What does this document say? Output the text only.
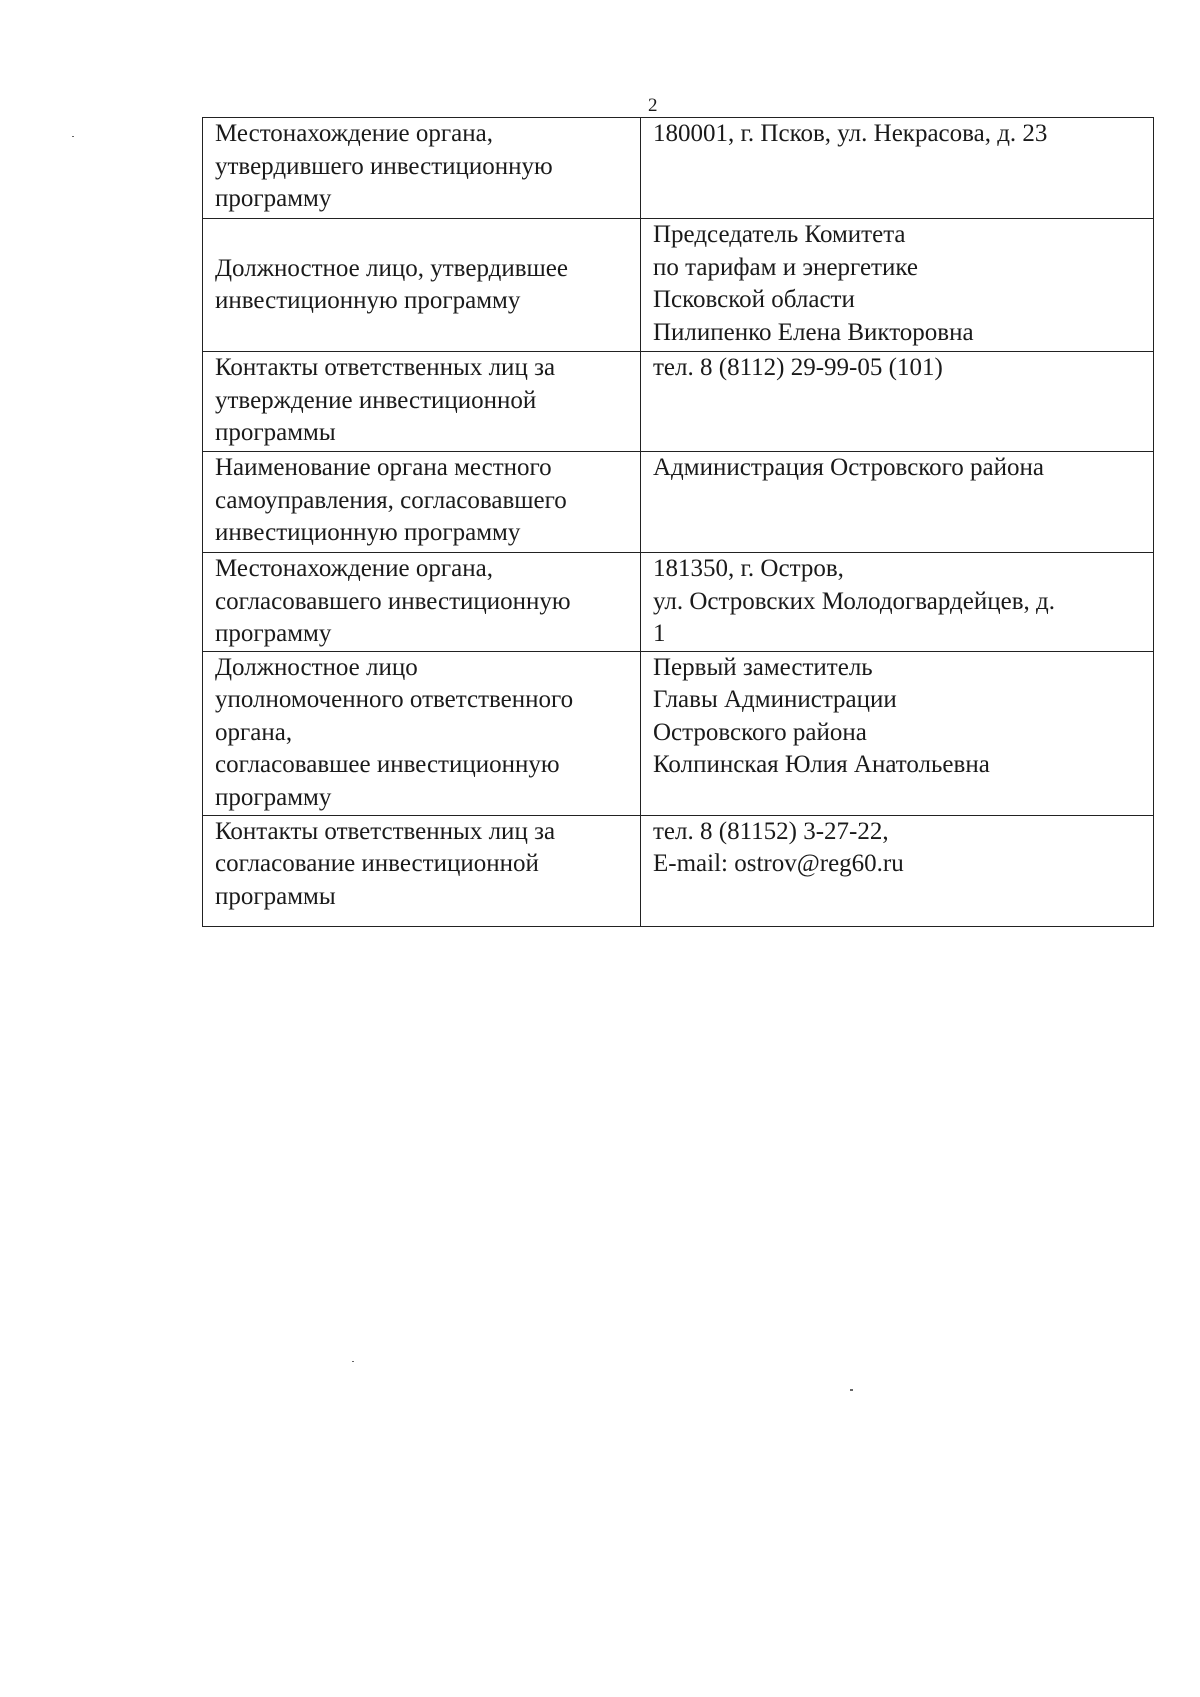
2
Местонахождение органа,
утвердившего инвестиционную
программу	180001, г. Псков, ул. Некрасова, д. 23
Должностное лицо, утвердившее
инвестиционную программу	Председатель Комитета
по тарифам и энергетике
Псковской области
Пилипенко Елена Викторовна
Контакты ответственных лиц за
утверждение инвестиционной
программы	тел. 8 (8112) 29-99-05 (101)
Наименование органа местного
самоуправления, согласовавшего
инвестиционную программу	Администрация Островского района
Местонахождение органа,
согласовавшего инвестиционную
программу	181350, г. Остров,
ул. Островских Молодогвардейцев, д.
1
Должностное лицо
уполномоченного ответственного
органа,
согласовавшее инвестиционную
программу	Первый заместитель
Главы Администрации
Островского района
Колпинская Юлия Анатольевна
Контакты ответственных лиц за
согласование инвестиционной
программы	тел. 8 (81152) 3-27-22,
E-mail: ostrov@reg60.ru
